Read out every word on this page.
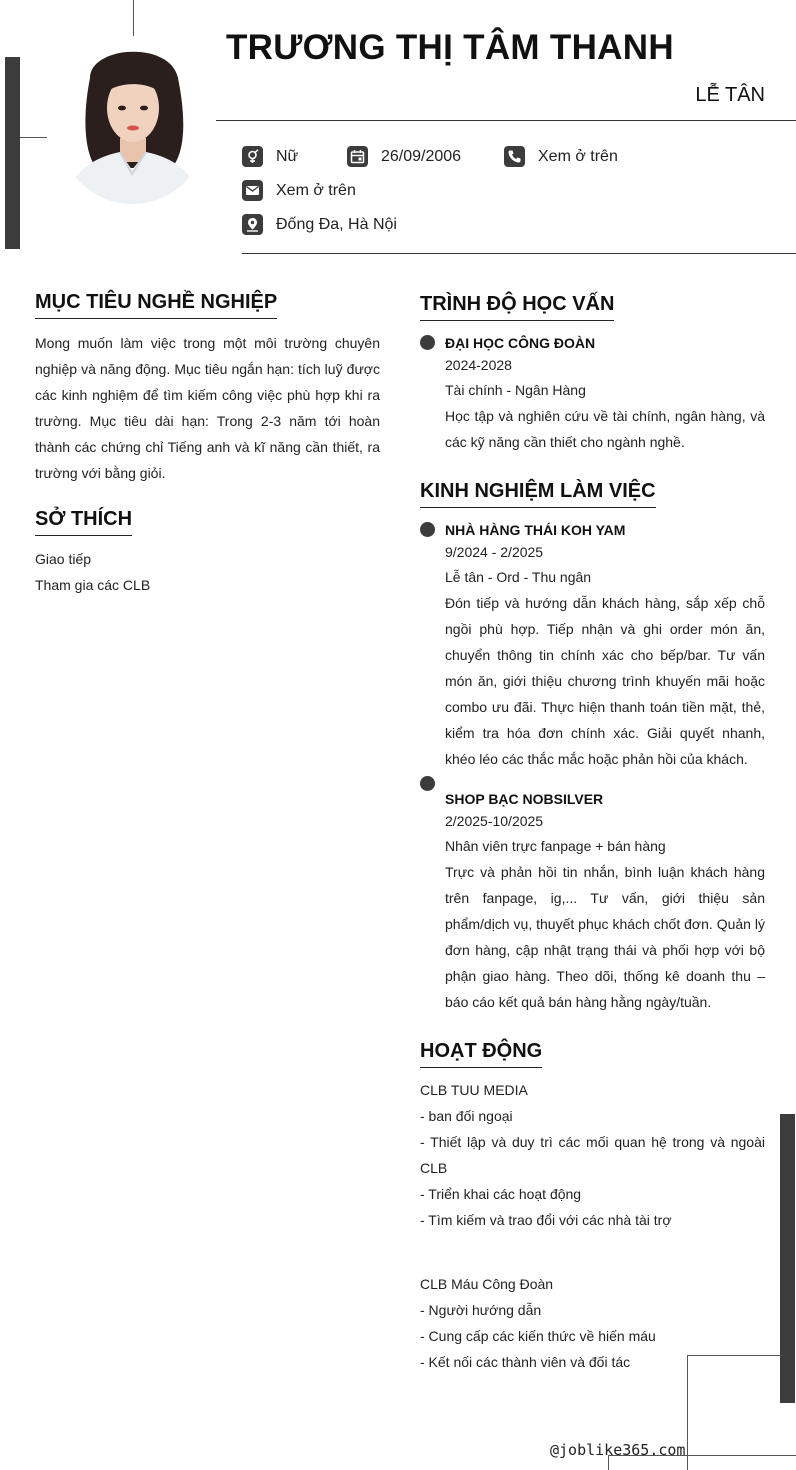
TRƯƠNG THỊ TÂM THANH
LỄ TÂN
Nữ	26/09/2006	Xem ở trên
Xem ở trên
Đống Đa, Hà Nội
MỤC TIÊU NGHỀ NGHIỆP
Mong muốn làm việc trong một môi trường chuyên nghiệp và năng động. Mục tiêu ngắn hạn: tích luỹ được các kinh nghiệm để tìm kiếm công việc phù hợp khi ra trường. Mục tiêu dài hạn: Trong 2-3 năm tới hoàn thành các chứng chỉ Tiếng anh và kĩ năng cần thiết, ra trường với bằng giỏi.
SỞ THÍCH
Giao tiếp
Tham gia các CLB
TRÌNH ĐỘ HỌC VẤN
ĐẠI HỌC CÔNG ĐOÀN
2024-2028
Tài chính - Ngân Hàng
Học tập và nghiên cứu về tài chính, ngân hàng, và các kỹ năng cần thiết cho ngành nghề.
KINH NGHIỆM LÀM VIỆC
NHÀ HÀNG THÁI KOH YAM
9/2024 - 2/2025
Lễ tân - Ord - Thu ngân
Đón tiếp và hướng dẫn khách hàng, sắp xếp chỗ ngồi phù hợp. Tiếp nhận và ghi order món ăn, chuyển thông tin chính xác cho bếp/bar. Tư vấn món ăn, giới thiệu chương trình khuyến mãi hoặc combo ưu đãi. Thực hiện thanh toán tiền mặt, thẻ, kiểm tra hóa đơn chính xác. Giải quyết nhanh, khéo léo các thắc mắc hoặc phản hồi của khách.
SHOP BẠC NOBSILVER
2/2025-10/2025
Nhân viên trực fanpage + bán hàng
Trực và phản hồi tin nhắn, bình luận khách hàng trên fanpage, ig,... Tư vấn, giới thiệu sản phẩm/dịch vụ, thuyết phục khách chốt đơn. Quản lý đơn hàng, cập nhật trạng thái và phối hợp với bộ phận giao hàng. Theo dõi, thống kê doanh thu – báo cáo kết quả bán hàng hằng ngày/tuần.
HOẠT ĐỘNG
CLB TUU MEDIA
- ban đối ngoại
- Thiết lập và duy trì các mối quan hệ trong và ngoài CLB
- Triển khai các hoạt động
- Tìm kiếm và trao đổi với các nhà tài trợ
CLB Máu Công Đoàn
- Người hướng dẫn
- Cung cấp các kiến thức về hiến máu
- Kết nối các thành viên và đối tác
@joblike365.com
